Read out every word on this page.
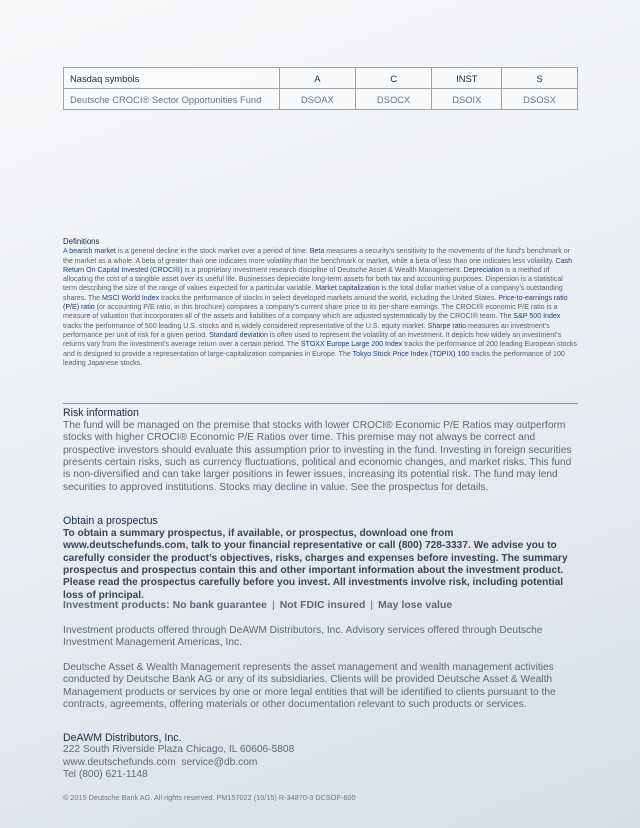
Nasdaq symbols	A	C	INST	S
Deutsche CROCI® Sector Opportunities Fund	DSOAX	DSOCX	DSOIX	DSOSX
Definitions

A bearish market is a general decline in the stock market over a period of time. Beta measures a security’s sensitivity to the movements of the fund’s benchmark or the market as a whole. A beta of greater than one indicates more volatility than the benchmark or market, while a beta of less than one indicates less volatility. Cash Return On Capital Invested (CROCI®) is a proprietary investment research discipline of Deutsche Asset & Wealth Management. Depreciation is a method of allocating the cost of a tangible asset over its useful life. Businesses depreciate long-term assets for both tax and accounting purposes. Dispersion is a statistical term describing the size of the range of values expected for a particular variable. Market capitalization is the total dollar market value of a company’s outstanding shares. The MSCI World Index tracks the performance of stocks in select developed markets around the world, including the United States. Price-to-earnings ratio (P/E) ratio (or accounting P/E ratio, in this brochure) compares a company’s current share price to its per-share earnings. The CROCI® economic P/E ratio is a measure of valuation that incorporates all of the assets and liabilities of a company which are adjusted systematically by the CROCI® team. The S&P 500 Index tracks the performance of 500 leading U.S. stocks and is widely considered representative of the U.S. equity market. Sharpe ratio measures an investment’s performance per unit of risk for a given period. Standard deviation is often used to represent the volatility of an investment. It depicts how widely an investment’s returns vary from the investment’s average return over a certain period. The STOXX Europe Large 200 Index tracks the performance of 200 leading European stocks and is designed to provide a representation of large-capitalization companies in Europe. The Tokyo Stock Price Index (TOPIX) 100 tracks the performance of 100 leading Japanese stocks.

Risk information

The fund will be managed on the premise that stocks with lower CROCI® Economic P/E Ratios may outperform stocks with higher CROCI® Economic P/E Ratios over time. This premise may not always be correct and prospective investors should evaluate this assumption prior to investing in the fund. Investing in foreign securities presents certain risks, such as currency fluctuations, political and economic changes, and market risks. This fund is non-diversified and can take larger positions in fewer issues, increasing its potential risk. The fund may lend securities to approved institutions. Stocks may decline in value. See the prospectus for details.

Obtain a prospectus

To obtain a summary prospectus, if available, or prospectus, download one from www.deutschefunds.com, talk to your financial representative or call (800) 728-3337. We advise you to carefully consider the product’s objectives, risks, charges and expenses before investing. The summary prospectus and prospectus contain this and other important information about the investment product. Please read the prospectus carefully before you invest. All investments involve risk, including potential loss of principal.

Investment products: No bank guarantee | Not FDIC insured | May lose value

Investment products offered through DeAWM Distributors, Inc. Advisory services offered through Deutsche Investment Management Americas, Inc.

Deutsche Asset & Wealth Management represents the asset management and wealth management activities conducted by Deutsche Bank AG or any of its subsidiaries. Clients will be provided Deutsche Asset & Wealth Management products or services by one or more legal entities that will be identified to clients pursuant to the contracts, agreements, offering materials or other documentation relevant to such products or services.

DeAWM Distributors, Inc.
222 South Riverside Plaza Chicago, IL 60606-5808
www.deutschefunds.com  service@db.com
Tel (800) 621-1148
© 2015 Deutsche Bank AG. All rights reserved. PM157022 (10/15) R-34870-3 DCSOF-600
